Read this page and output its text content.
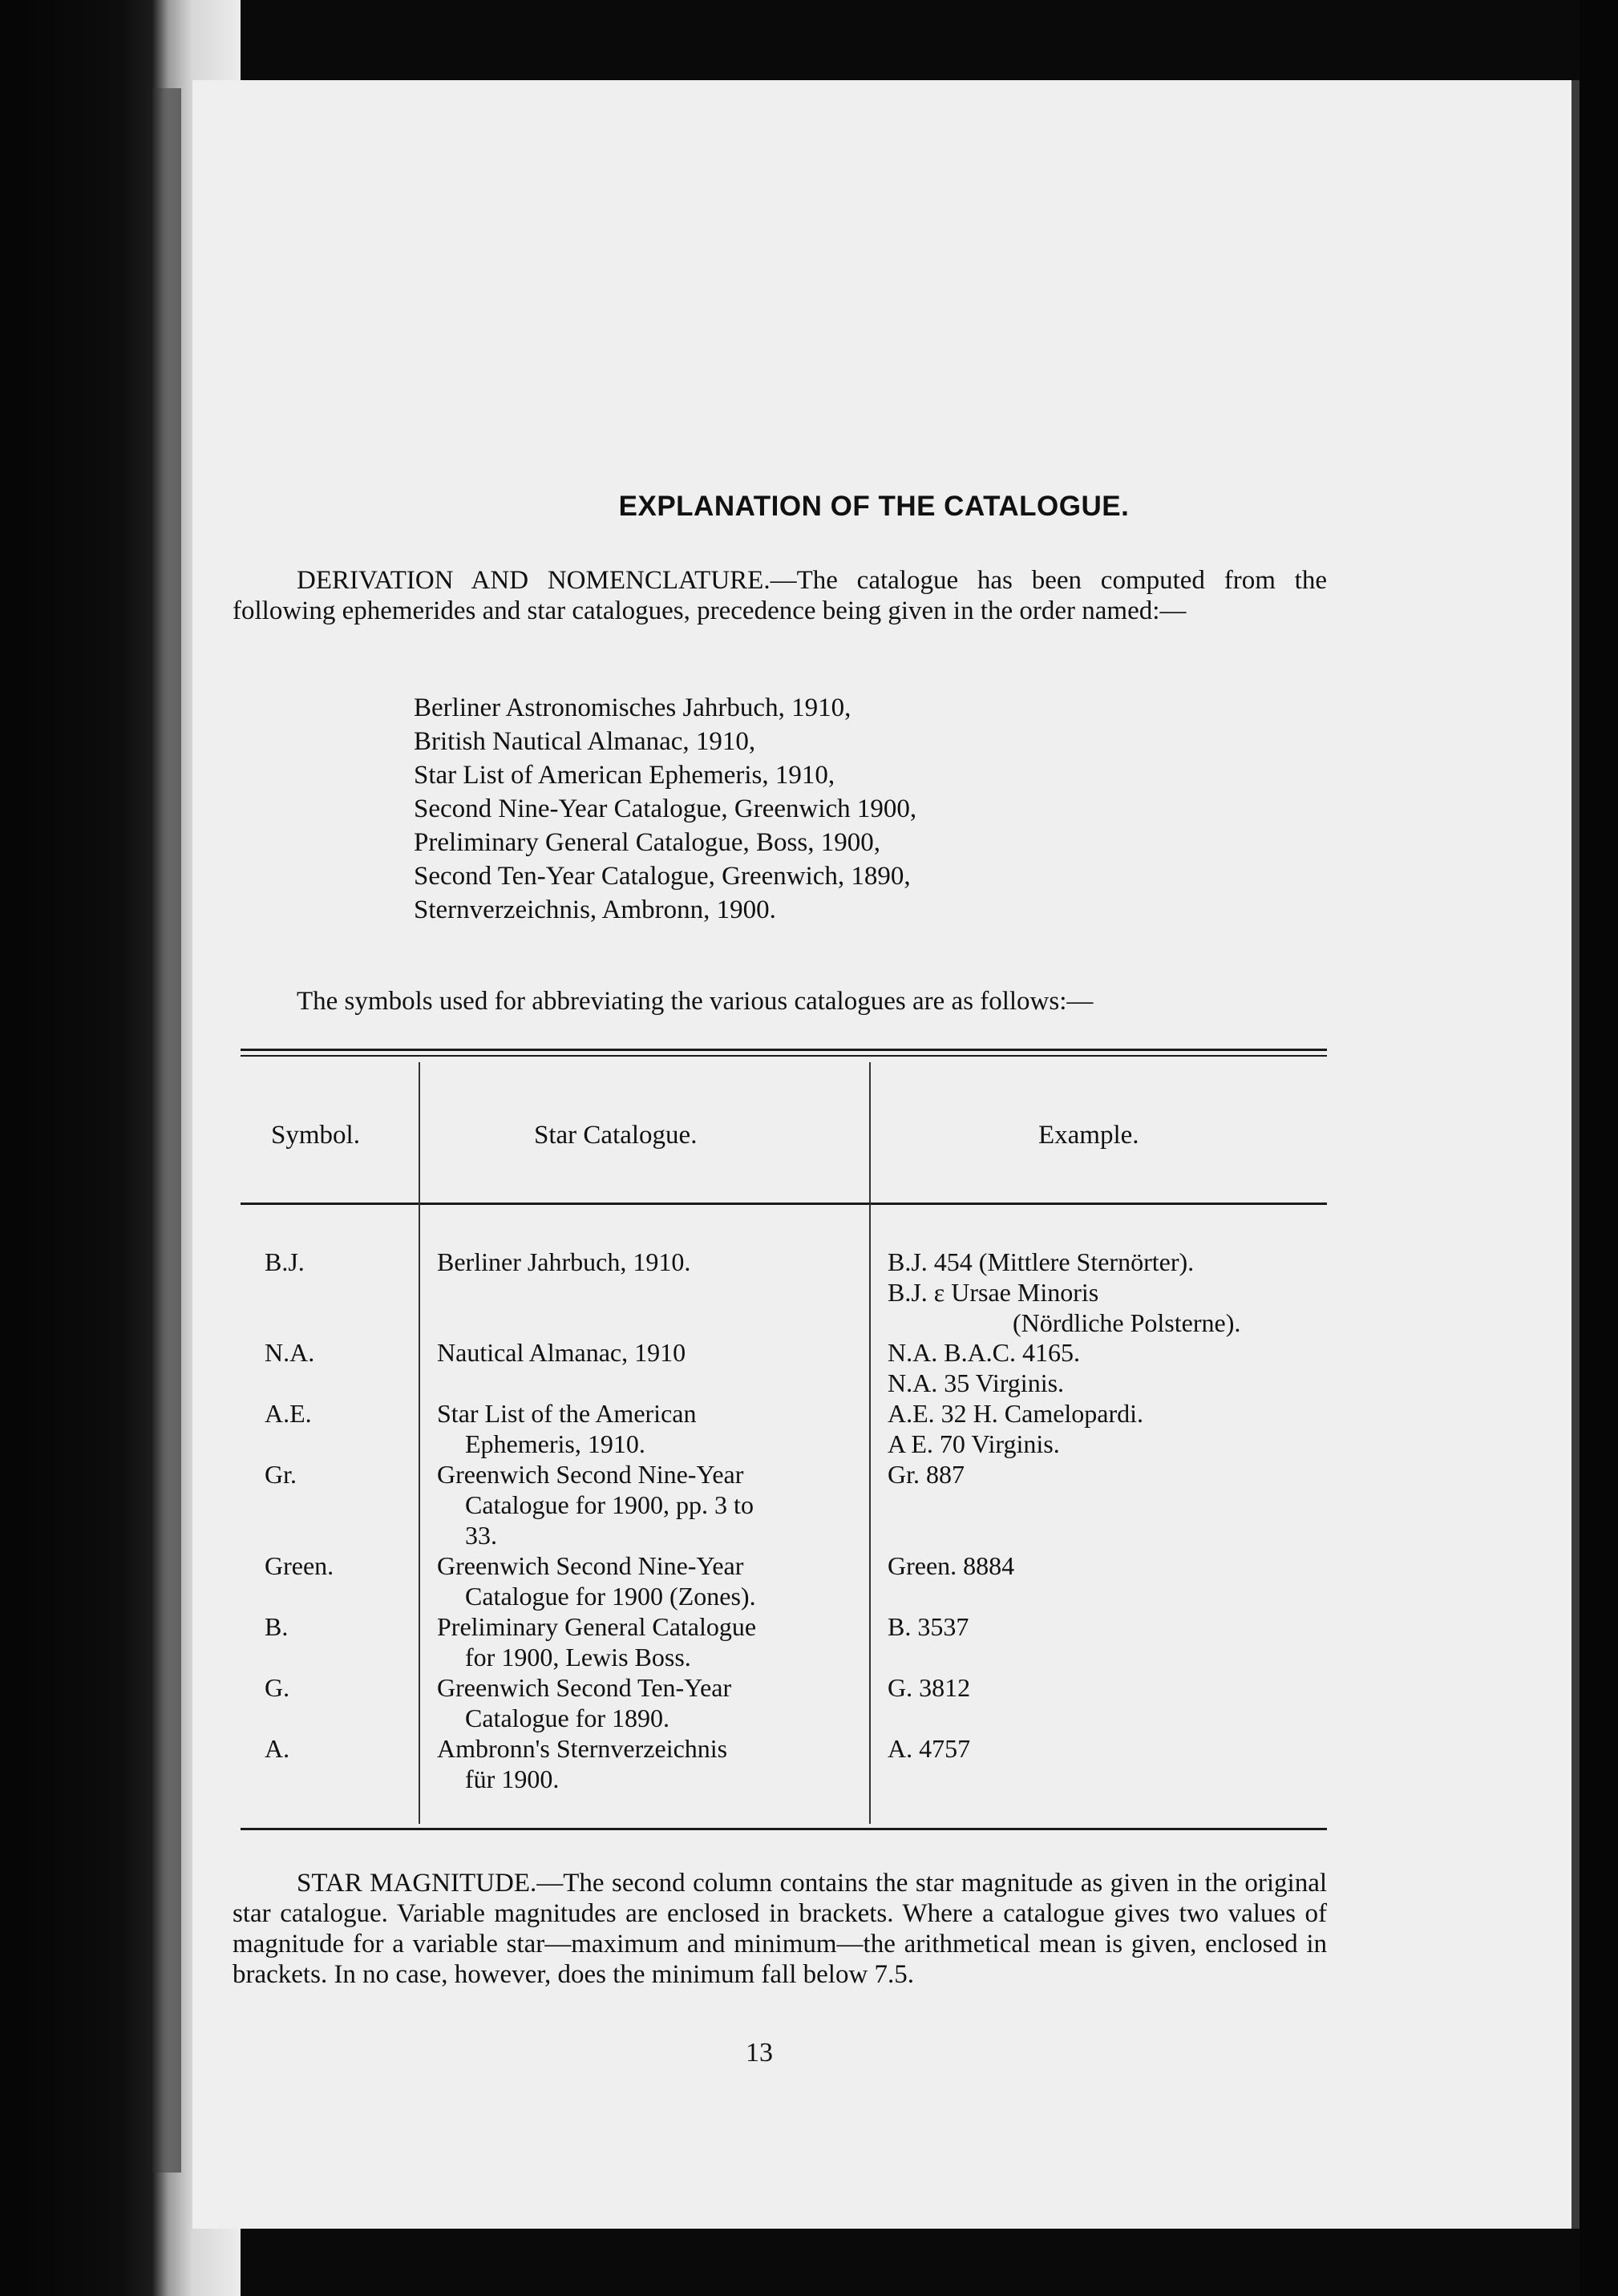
EXPLANATION OF THE CATALOGUE.
DERIVATION AND NOMENCLATURE.—The catalogue has been computed from the following ephemerides and star catalogues, precedence being given in the order named:—
Berliner Astronomisches Jahrbuch, 1910,
British Nautical Almanac, 1910,
Star List of American Ephemeris, 1910,
Second Nine-Year Catalogue, Greenwich 1900,
Preliminary General Catalogue, Boss, 1900,
Second Ten-Year Catalogue, Greenwich, 1890,
Sternverzeichnis, Ambronn, 1900.
The symbols used for abbreviating the various catalogues are as follows:—
Symbol.	Star Catalogue.	Example.
B.J.	Berliner Jahrbuch, 1910.	B.J. 454 (Mittlere Sternörter).
B.J. ε Ursae Minoris
(Nördliche Polsterne).
N.A.	Nautical Almanac, 1910	N.A. B.A.C. 4165.
N.A. 35 Virginis.
A.E.	Star List of the American
Ephemeris, 1910.
A.E. 32 H. Camelopardi.
A E. 70 Virginis.
Gr.	Greenwich Second Nine-Year
Catalogue for 1900, pp. 3 to
33.
Gr. 887
Green.	Greenwich Second Nine-Year
Catalogue for 1900 (Zones).
Green. 8884
B.	Preliminary General Catalogue
for 1900, Lewis Boss.
B. 3537
G.	Greenwich Second Ten-Year
Catalogue for 1890.
G. 3812
A.	Ambronn's Sternverzeichnis
für 1900.
A. 4757
STAR MAGNITUDE.—The second column contains the star magnitude as given in the original star catalogue. Variable magnitudes are enclosed in brackets. Where a catalogue gives two values of magnitude for a variable star—maximum and minimum—the arithmetical mean is given, enclosed in brackets. In no case, however, does the minimum fall below 7.5.
13
